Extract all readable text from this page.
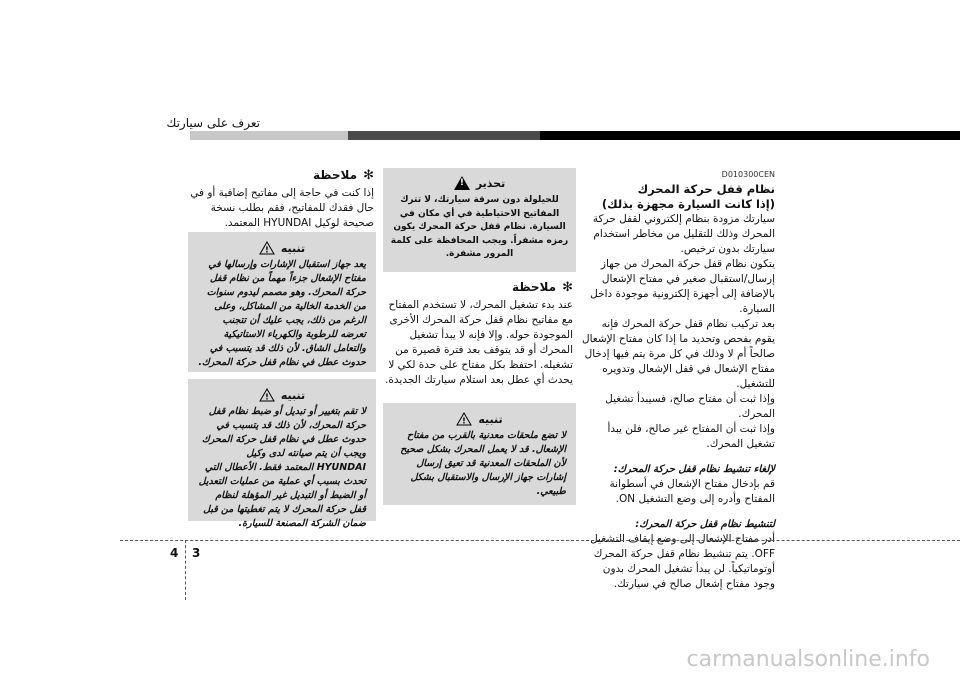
تعرف على سيارتك
D010300CEN
نظام قفل حركة المحرك
(إذا كانت السيارة مجهزة بذلك)
سيارتك مزودة بنظام إلكتروني لقفل حركة المحرك وذلك للتقليل من مخاطر استخدام سيارتك بدون ترخيص.
يتكون نظام قفل حركة المحرك من جهاز إرسال/استقبال صغير في مفتاح الإشعال بالإضافة إلى أجهزة إلكترونية موجودة داخل السيارة.
بعد تركيب نظام قفل حركة المحرك فإنه يقوم بفحص وتحديد ما إذا كان مفتاح الإشعال صالحاً أم لا وذلك في كل مرة يتم فيها إدخال مفتاح الإشعال في قفل الإشعال وتدويره للتشغيل.
وإذا ثبت أن مفتاح صالح، فسيبدأ تشغيل المحرك.
وإذا ثبت أن المفتاح غير صالح، فلن يبدأ تشغيل المحرك.
لإلغاء تنشيط نظام قفل حركة المحرك:
قم بإدخال مفتاح الإشعال في أسطوانة المفتاح وأدره إلى وضع التشغيل ON.
لتنشيط نظام قفل حركة المحرك:
أدر مفتاح الإشعال إلى وضع إيقاف التشغيل OFF. يتم تنشيط نظام قفل حركة المحرك أوتوماتيكياً. لن يبدأ تشغيل المحرك بدون وجود مفتاح إشعال صالح في سيارتك.
تحذير
!
للحيلولة دون سرقة سيارتك، لا تترك المفاتيح الاحتياطية في أي مكان في السيارة. نظام قفل حركة المحرك يكون رمزه مشفراً. ويجب المحافظة على كلمة المرور مشفرة.
✻
ملاحظة
عند بدء تشغيل المحرك، لا تستخدم المفتاح مع مفاتيح نظام قفل حركة المحرك الأخرى الموجودة حوله. وإلا فإنه لا يبدأ تشغيل المحرك أو قد يتوقف بعد فترة قصيرة من تشغيله. احتفظ بكل مفتاح على حدة لكي لا يحدث أي عطل بعد استلام سيارتك الجديدة.
تنبيه
!
لا تضع ملحقات معدنية بالقرب من مفتاح الإشعال. قد لا يعمل المحرك بشكل صحيح لأن الملحقات المعدنية قد تعيق إرسال إشارات جهاز الإرسال والاستقبال بشكل طبيعي.
✻
ملاحظة
إذا كنت في حاجة إلى مفاتيح إضافية أو في حال فقدك للمفاتيح، فقم بطلب نسخة صحيحة لوكيل HYUNDAI المعتمد.
تنبيه
!
يعد جهاز استقبال الإشارات وإرسالها في مفتاح الإشعال جزءاً مهماً من نظام قفل حركة المحرك. وهو مصمم ليدوم سنوات من الخدمة الخالية من المشاكل، وعلى الرغم من ذلك، يجب عليك أن تتجنب تعرضه للرطوبة والكهرباء الاستاتيكية والتعامل الشاق. لأن ذلك قد يتسبب في حدوث عطل في نظام قفل حركة المحرك.
تنبيه
!
لا تقم بتغيير أو تبديل أو ضبط نظام قفل حركة المحرك، لأن ذلك قد يتسبب في حدوث عطل في نظام قفل حركة المحرك ويجب أن يتم صيانته لدى وكيل HYUNDAI المعتمد فقط. الأعطال التي تحدث بسبب أي عملية من عمليات التعديل أو الضبط أو التبديل غير المؤهلة لنظام قفل حركة المحرك لا يتم تغطيتها من قبل ضمان الشركة المصنعة للسيارة.
4 3
carmanualsonline.info
